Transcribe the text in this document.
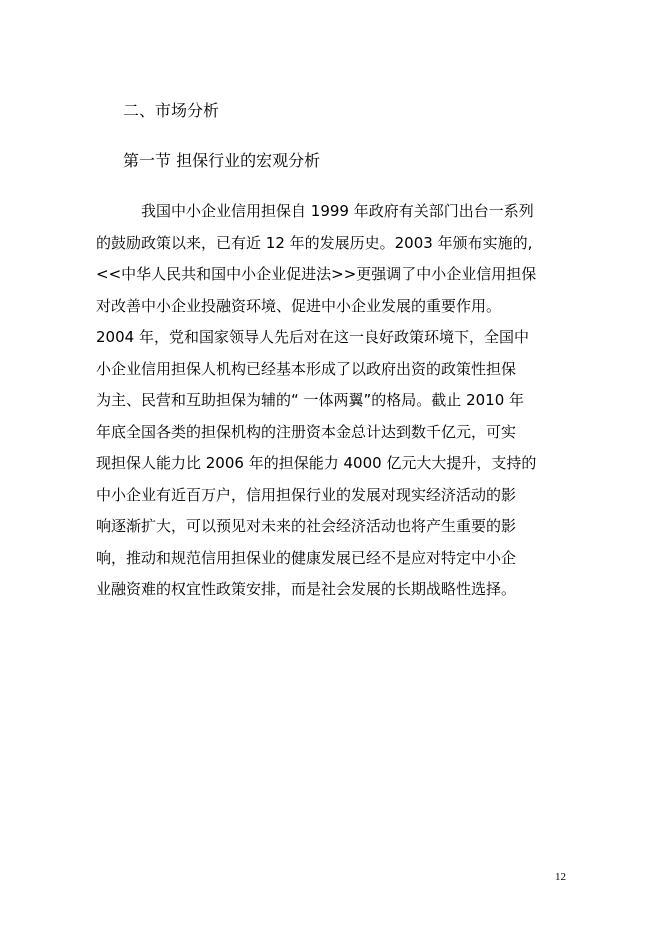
二、市场分析
第一节 担保行业的宏观分析
我国中小企业信用担保自 1999 年政府有关部门出台一系列
的鼓励政策以来，已有近 12 年的发展历史。2003 年颁布实施的,
<<中华人民共和国中小企业促进法>>更强调了中小企业信用担保
对改善中小企业投融资环境、促进中小企业发展的重要作用。
2004 年，党和国家领导人先后对在这一良好政策环境下，全国中
小企业信用担保人机构已经基本形成了以政府出资的政策性担保
为主、民营和互助担保为辅的“ 一体两翼”的格局。截止 2010 年
年底全国各类的担保机构的注册资本金总计达到数千亿元，可实
现担保人能力比 2006 年的担保能力 4000 亿元大大提升，支持的
中小企业有近百万户，信用担保行业的发展对现实经济活动的影
响逐渐扩大，可以预见对未来的社会经济活动也将产生重要的影
响，推动和规范信用担保业的健康发展已经不是应对特定中小企
业融资难的权宜性政策安排，而是社会发展的长期战略性选择。
12
